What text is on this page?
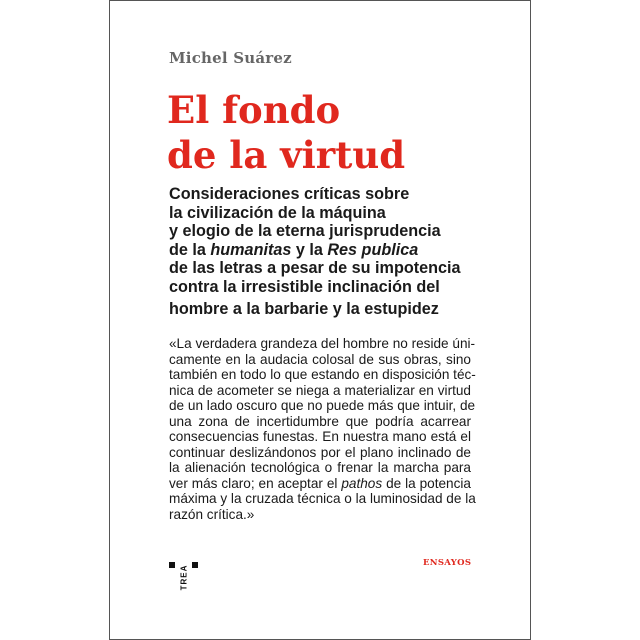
Michel Suárez
El fondo
de la virtud
Consideraciones críticas sobre
la civilización de la máquina
y elogio de la eterna jurisprudencia
de la humanitas y la Res publica
de las letras a pesar de su impotencia
contra la irresistible inclinación del
hombre a la barbarie y la estupidez
«La verdadera grandeza del hombre no reside úni-
camente en la audacia colosal de sus obras, sino
también en todo lo que estando en disposición téc-
nica de acometer se niega a materializar en virtud
de un lado oscuro que no puede más que intuir, de
una zona de incertidumbre que podría acarrear
consecuencias funestas. En nuestra mano está el
continuar deslizándonos por el plano inclinado de
la alienación tecnológica o frenar la marcha para
ver más claro; en aceptar el pathos de la potencia
máxima y la cruzada técnica o la luminosidad de la
razón crítica.»
TREA
ENSAYOS
